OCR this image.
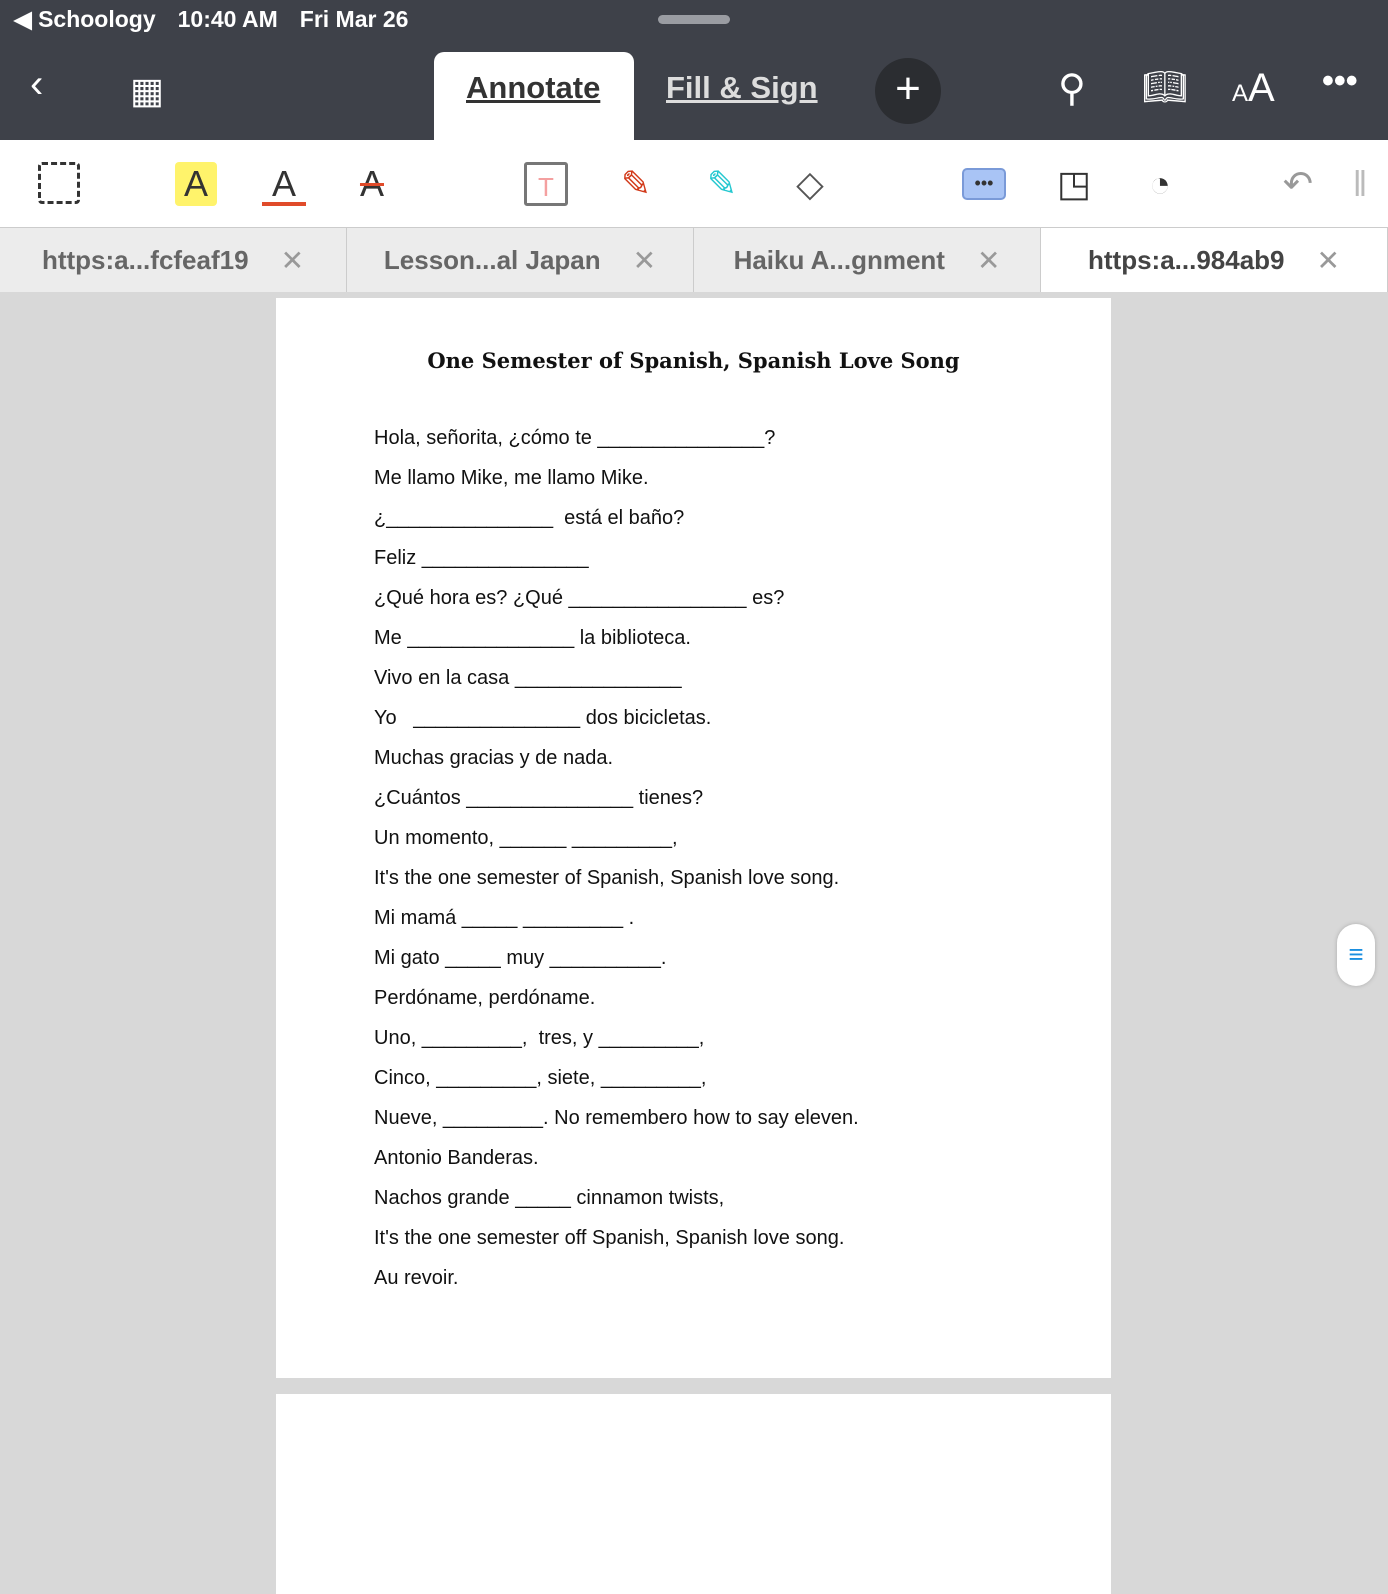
◀ Schoology 10:40 AM Fri Mar 26
‹ ▦	Annotate Fill & Sign	+	⚲ 📖︎ AA •••
A A A	T	✎ ✎ ◇	•••	◳	◔	↶ ‖
https:a...fcfeaf19 ✕	Lesson...al Japan ✕	Haiku A...gnment ✕	https:a...984ab9 ✕
One Semester of Spanish, Spanish Love Song
Hola, señorita, ¿cómo te _______________?
Me llamo Mike, me llamo Mike.
¿_______________  está el baño?
Feliz _______________
¿Qué hora es? ¿Qué ________________ es?
Me _______________ la biblioteca.
Vivo en la casa _______________
Yo   _______________ dos bicicletas.
Muchas gracias y de nada.
¿Cuántos _______________ tienes?
Un momento, ______ _________,
It's the one semester of Spanish, Spanish love song.
Mi mamá _____ _________ .
Mi gato _____ muy __________.
Perdóname, perdóname.
Uno, _________,  tres, y _________,
Cinco, _________, siete, _________,
Nueve, _________. No remembero how to say eleven.
Antonio Banderas.
Nachos grande _____ cinnamon twists,
It's the one semester off Spanish, Spanish love song.
Au revoir.
≡
